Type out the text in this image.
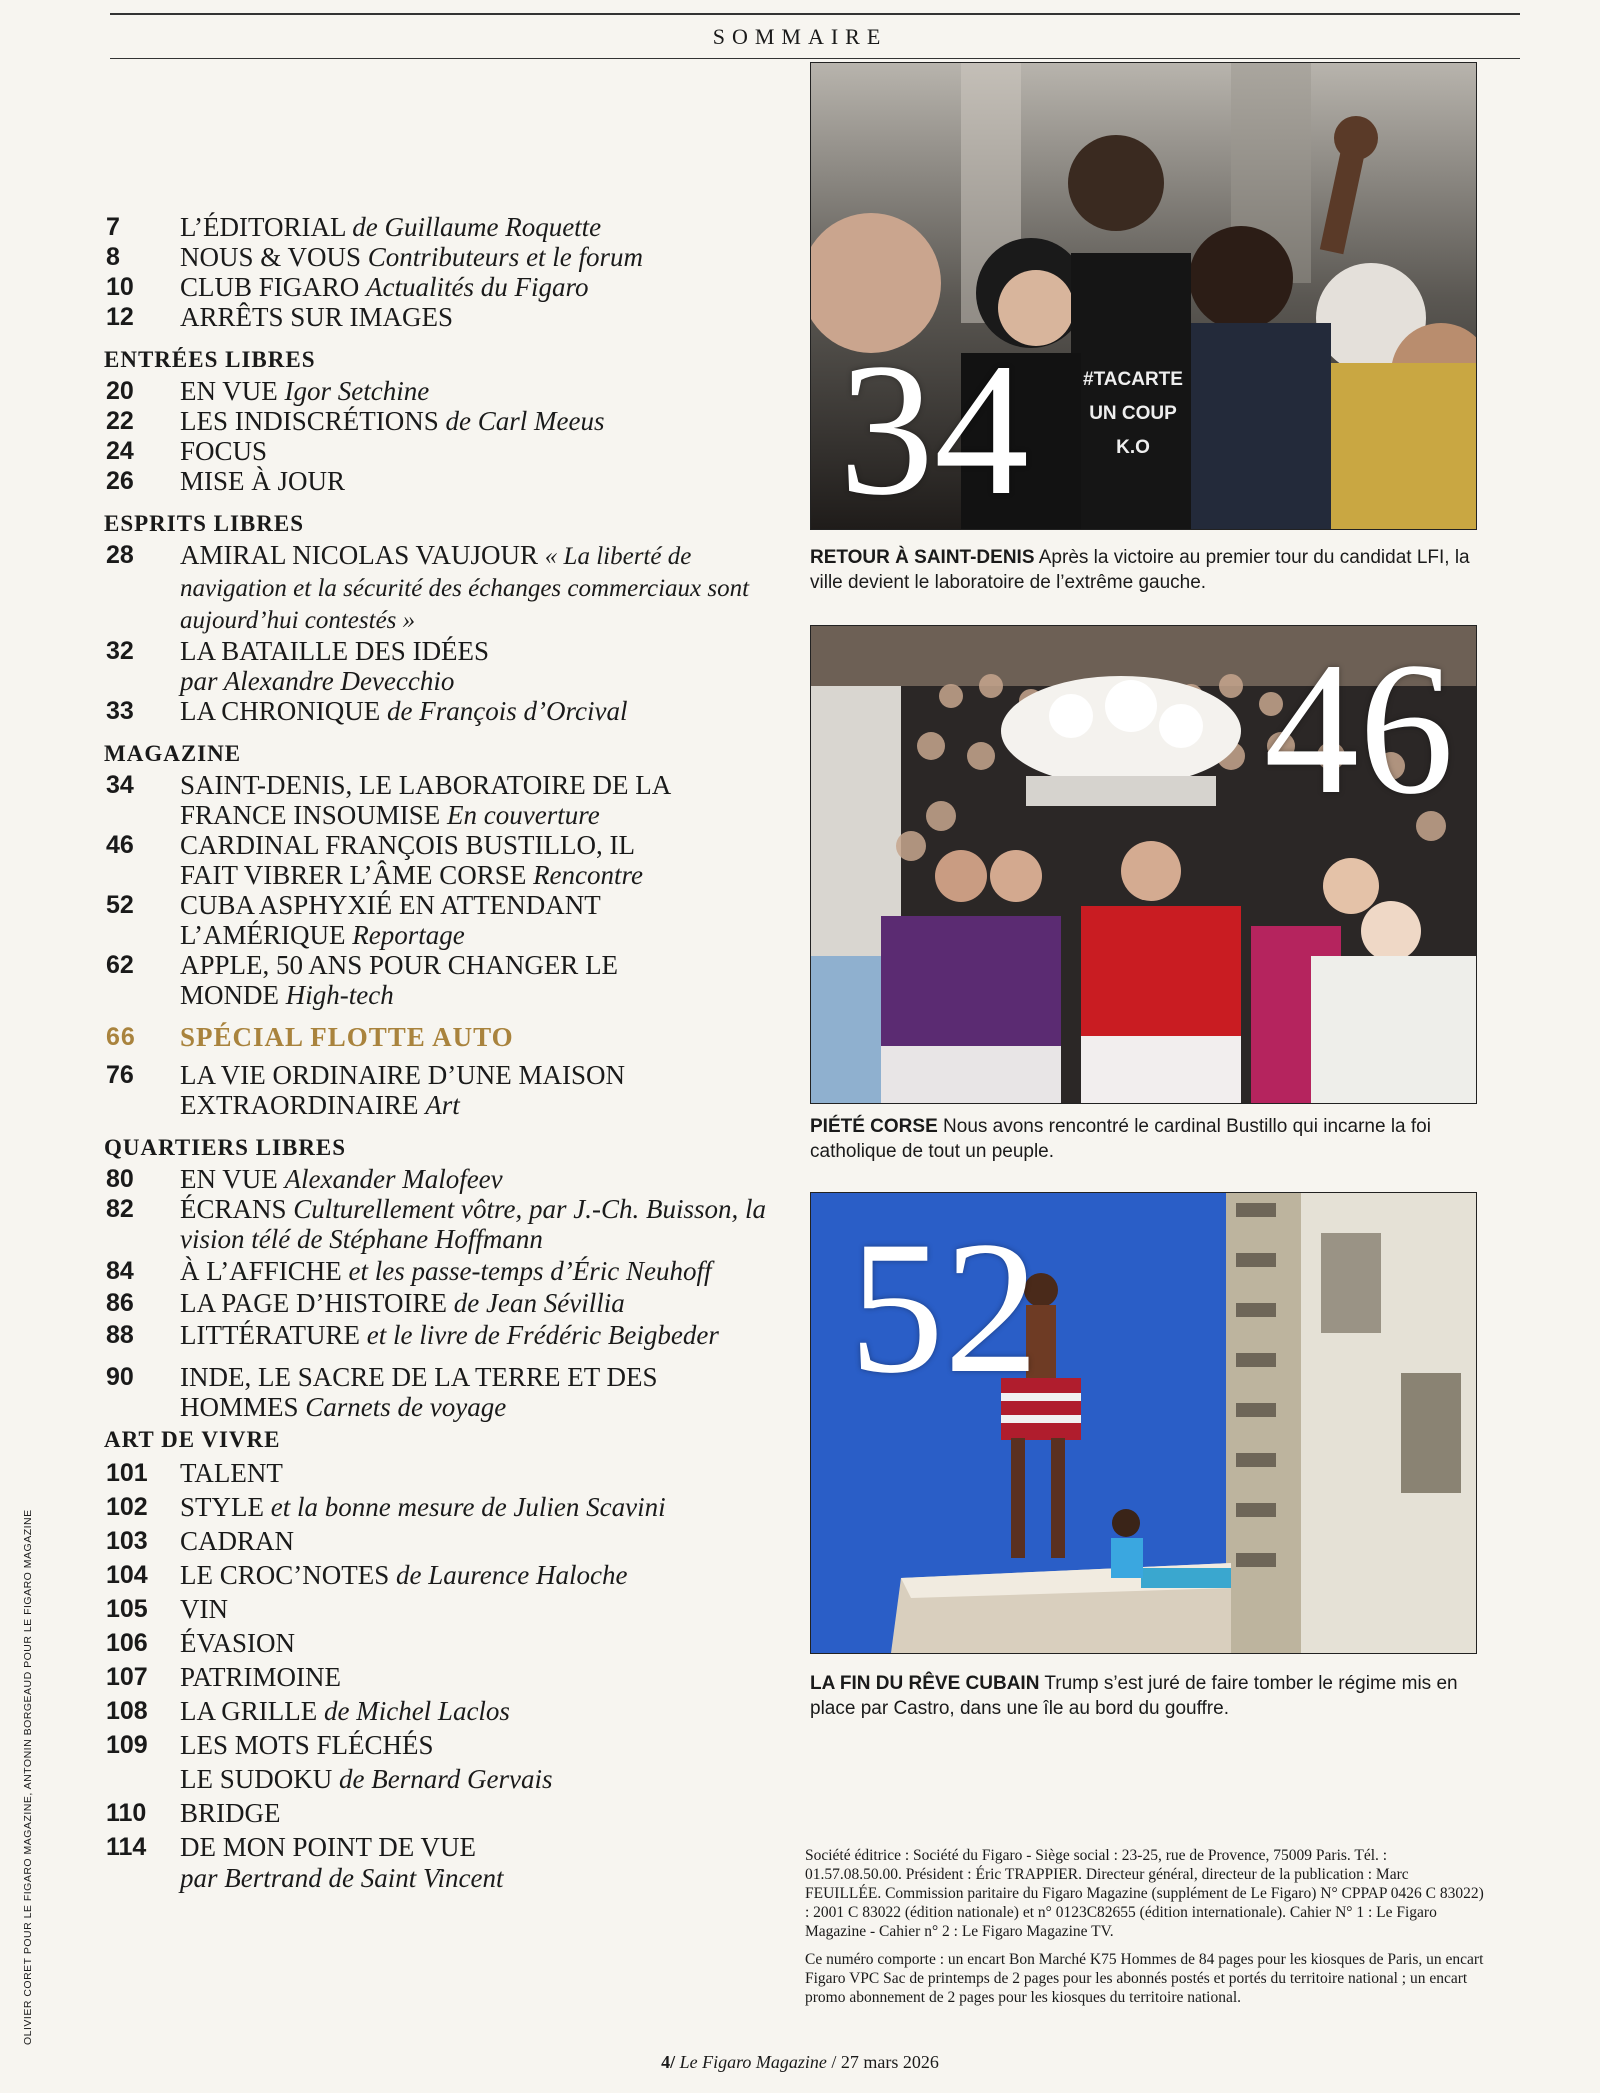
SOMMAIRE
7 L’ÉDITORIAL de Guillaume Roquette
8 NOUS & VOUS Contributeurs et le forum
10 CLUB FIGARO Actualités du Figaro
12 ARRÊTS SUR IMAGES
ENTRÉES LIBRES
20 EN VUE Igor Setchine
22 LES INDISCRÉTIONS de Carl Meeus
24 FOCUS
26 MISE À JOUR
ESPRITS LIBRES
28 AMIRAL NICOLAS VAUJOUR « La liberté de navigation et la sécurité des échanges commerciaux sont aujourd’hui contestés »
32 LA BATAILLE DES IDÉES
par Alexandre Devecchio
33 LA CHRONIQUE de François d’Orcival
MAGAZINE
34 SAINT-DENIS, LE LABORATOIRE DE LA FRANCE INSOUMISE En couverture
46 CARDINAL FRANÇOIS BUSTILLO, IL FAIT VIBRER L’ÂME CORSE Rencontre
52 CUBA ASPHYXIÉ EN ATTENDANT L’AMÉRIQUE Reportage
62 APPLE, 50 ANS POUR CHANGER LE MONDE High-tech
66 SPÉCIAL FLOTTE AUTO
76 LA VIE ORDINAIRE D’UNE MAISON EXTRAORDINAIRE Art
QUARTIERS LIBRES
80 EN VUE Alexander Malofeev
82 ÉCRANS Culturellement vôtre, par J.-Ch. Buisson, la vision télé de Stéphane Hoffmann
84 À L’AFFICHE et les passe-temps d’Éric Neuhoff
86 LA PAGE D’HISTOIRE de Jean Sévillia
88 LITTÉRATURE et le livre de Frédéric Beigbeder
90 INDE, LE SACRE DE LA TERRE ET DES HOMMES Carnets de voyage
ART DE VIVRE
101 TALENT
102 STYLE et la bonne mesure de Julien Scavini
103 CADRAN
104 LE CROC’NOTES de Laurence Haloche
105 VIN
106 ÉVASION
107 PATRIMOINE
108 LA GRILLE de Michel Laclos
109 LES MOTS FLÉCHÉS
LE SUDOKU de Bernard Gervais
110 BRIDGE
114 DE MON POINT DE VUE
par Bertrand de Saint Vincent
#TACARTE
UN COUP K.O
34
RETOUR À SAINT-DENIS Après la victoire au premier tour du candidat LFI, la ville devient le laboratoire de l’extrême gauche.
46
PIÉTÉ CORSE Nous avons rencontré le cardinal Bustillo qui incarne la foi catholique de tout un peuple.
52
LA FIN DU RÊVE CUBAIN Trump s’est juré de faire tomber le régime mis en place par Castro, dans une île au bord du gouffre.
Société éditrice : Société du Figaro - Siège social : 23-25, rue de Provence, 75009 Paris. Tél. : 01.57.08.50.00. Président : Éric TRAPPIER. Directeur général, directeur de la publication : Marc FEUILLÉE. Commission paritaire du Figaro Magazine (supplément de Le Figaro) N° CPPAP 0426 C 83022) : 2001 C 83022 (édition nationale) et n° 0123C82655 (édition internationale). Cahier N° 1 : Le Figaro Magazine - Cahier n° 2 : Le Figaro Magazine TV.
Ce numéro comporte : un encart Bon Marché K75 Hommes de 84 pages pour les kiosques de Paris, un encart Figaro VPC Sac de printemps de 2 pages pour les abonnés postés et portés du territoire national ; un encart promo abonnement de 2 pages pour les kiosques du territoire national.
OLIVIER CORET POUR LE FIGARO MAGAZINE, ANTONIN BORGEAUD POUR LE FIGARO MAGAZINE
4/ Le Figaro Magazine / 27 mars 2026
